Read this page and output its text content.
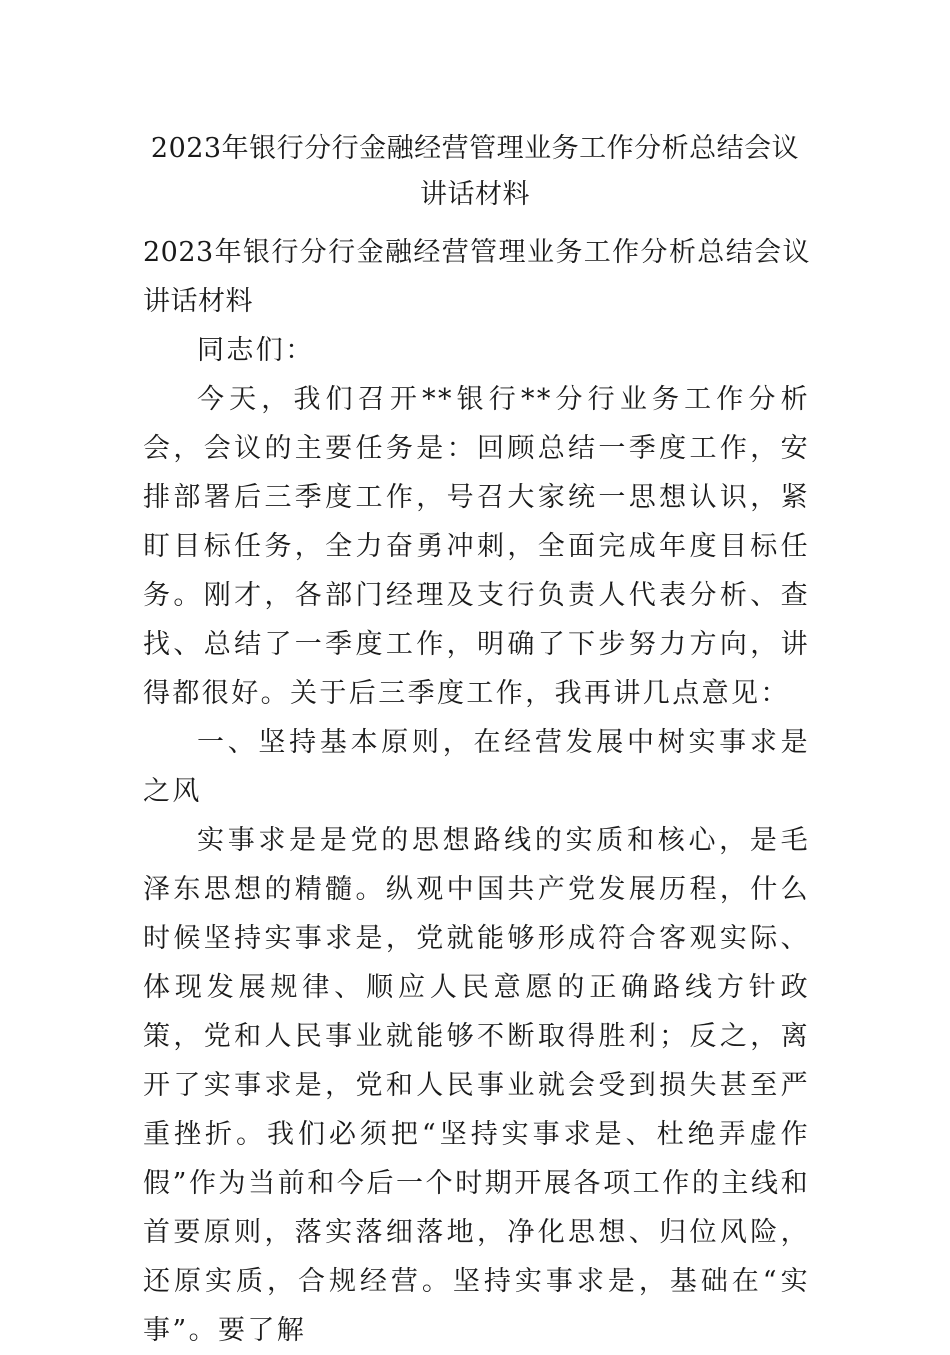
2023年银行分行金融经营管理业务工作分析总结会议讲话材料

2023年银行分行金融经营管理业务工作分析总结会议讲话材料

同志们：

今天，我们召开**银行**分行业务工作分析会，会议的主要任务是：回顾总结一季度工作，安排部署后三季度工作，号召大家统一思想认识，紧盯目标任务，全力奋勇冲刺，全面完成年度目标任务。刚才，各部门经理及支行负责人代表分析、查找、总结了一季度工作，明确了下步努力方向，讲得都很好。关于后三季度工作，我再讲几点意见：

一、坚持基本原则，在经营发展中树实事求是之风

实事求是是党的思想路线的实质和核心，是毛泽东思想的精髓。纵观中国共产党发展历程，什么时候坚持实事求是，党就能够形成符合客观实际、体现发展规律、顺应人民意愿的正确路线方针政策，党和人民事业就能够不断取得胜利；反之，离开了实事求是，党和人民事业就会受到损失甚至严重挫折。我们必须把“坚持实事求是、杜绝弄虚作假”作为当前和今后一个时期开展各项工作的主线和首要原则，落实落细落地，净化思想、归位风险，还原实质，合规经营。坚持实事求是，基础在“实事”。要了解
